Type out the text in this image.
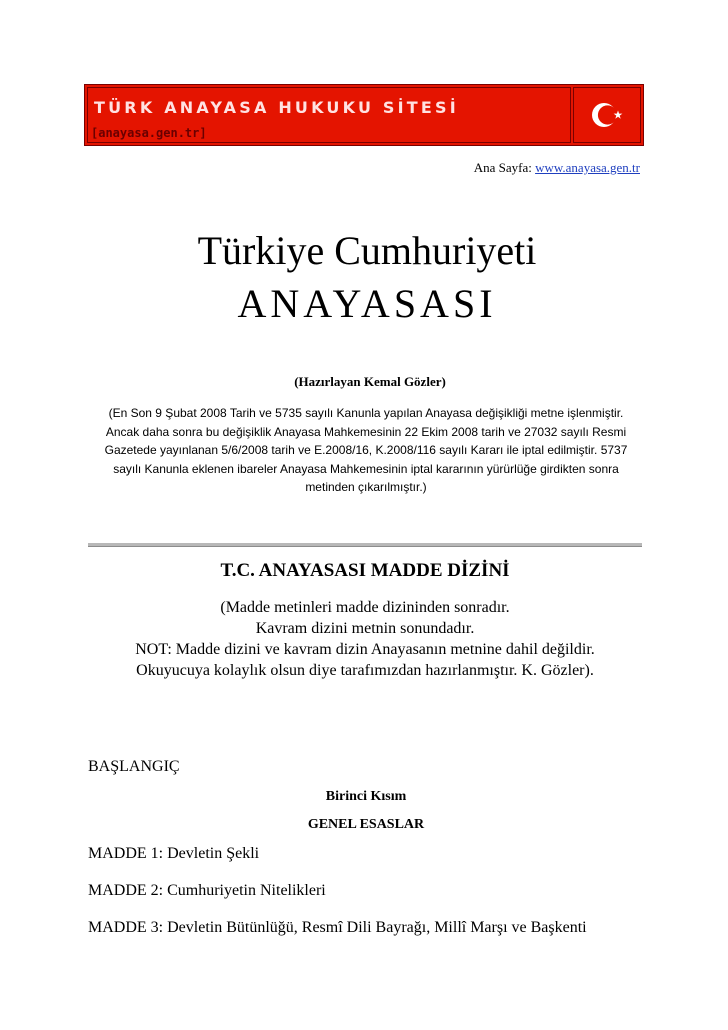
TÜRK ANAYASA HUKUKU SİTESİ
[anayasa.gen.tr]
Ana Sayfa: www.anayasa.gen.tr
Türkiye Cumhuriyeti
ANAYASASI
(Hazırlayan Kemal Gözler)
(En Son 9 Şubat 2008 Tarih ve 5735 sayılı Kanunla yapılan Anayasa değişikliği metne işlenmiştir.
Ancak daha sonra bu değişiklik Anayasa Mahkemesinin 22 Ekim 2008 tarih ve 27032 sayılı Resmi
Gazetede yayınlanan 5/6/2008 tarih ve E.2008/16, K.2008/116 sayılı Kararı ile iptal edilmiştir. 5737
sayılı Kanunla eklenen ibareler Anayasa Mahkemesinin iptal kararının yürürlüğe girdikten sonra
metinden çıkarılmıştır.)
T.C. ANAYASASI MADDE DİZİNİ
(Madde metinleri madde dizininden sonradır.
Kavram dizini metnin sonundadır.
NOT: Madde dizini ve kavram dizin Anayasanın metnine dahil değildir.
Okuyucuya kolaylık olsun diye tarafımızdan hazırlanmıştır. K. Gözler).
BAŞLANGIÇ
Birinci Kısım
GENEL ESASLAR
MADDE 1: Devletin Şekli
MADDE 2: Cumhuriyetin Nitelikleri
MADDE 3: Devletin Bütünlüğü, Resmî Dili Bayrağı, Millî Marşı ve Başkenti
